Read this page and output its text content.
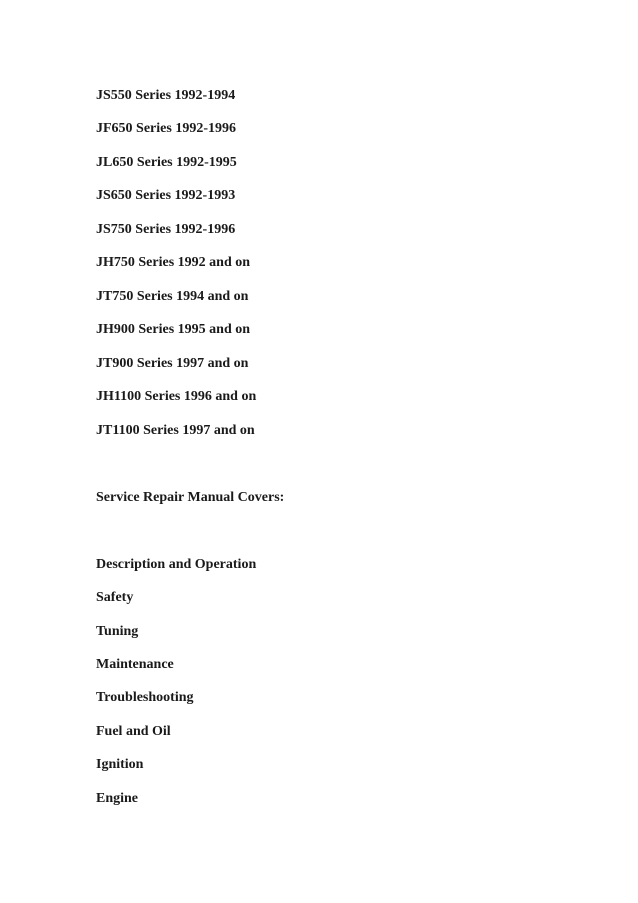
JS550 Series 1992-1994
JF650 Series 1992-1996
JL650 Series 1992-1995
JS650 Series 1992-1993
JS750 Series 1992-1996
JH750 Series 1992 and on
JT750 Series 1994 and on
JH900 Series 1995 and on
JT900 Series 1997 and on
JH1100 Series 1996 and on
JT1100 Series 1997 and on
Service Repair Manual Covers:
Description and Operation
Safety
Tuning
Maintenance
Troubleshooting
Fuel and Oil
Ignition
Engine
